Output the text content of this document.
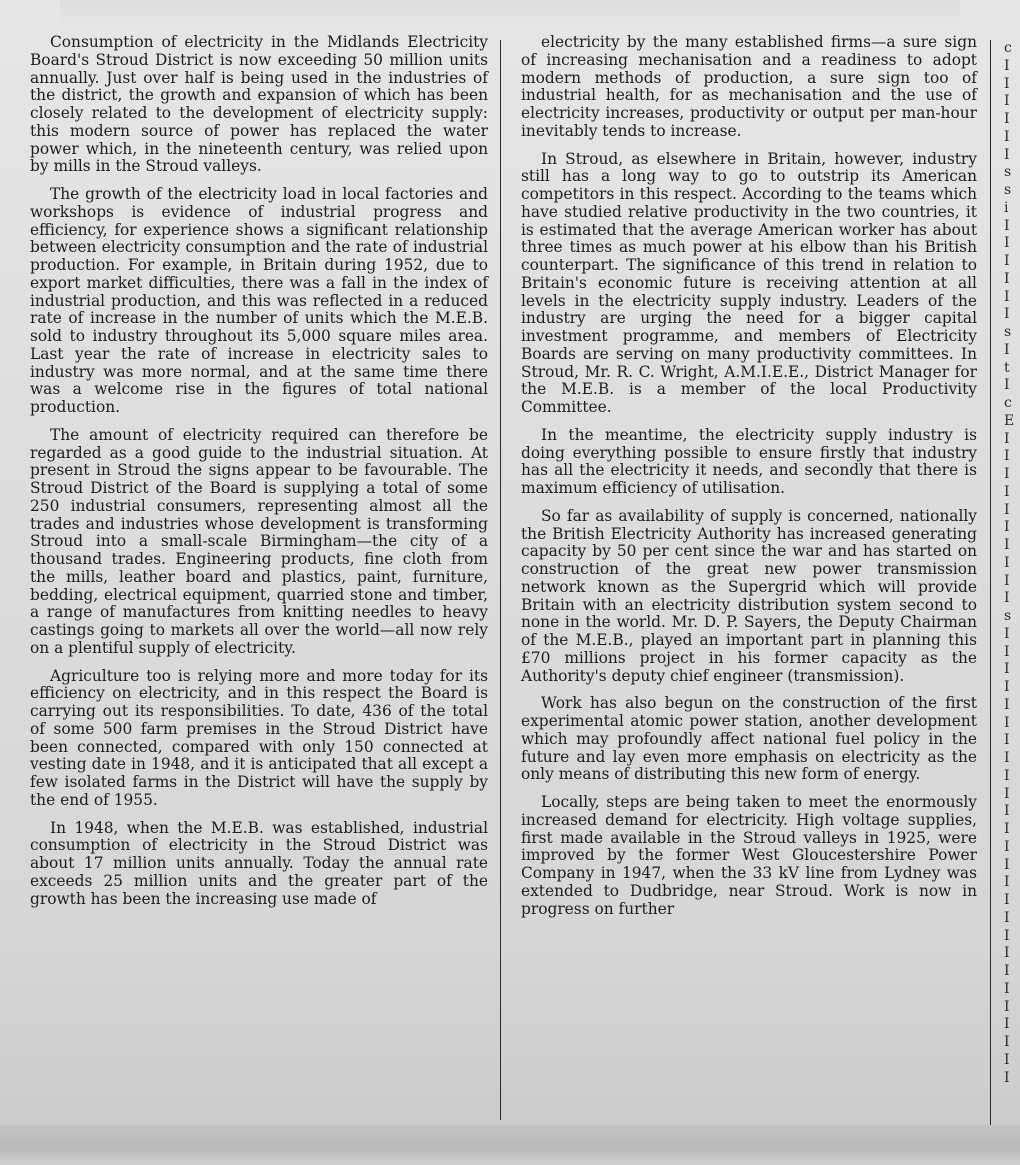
Consumption of electricity in the Midlands Electricity Board's Stroud District is now exceeding 50 million units annually. Just over half is being used in the industries of the district, the growth and expansion of which has been closely related to the development of electricity supply: this modern source of power has replaced the water power which, in the nineteenth century, was relied upon by mills in the Stroud valleys.

The growth of the electricity load in local factories and workshops is evidence of industrial progress and efficiency, for experience shows a significant relationship between electricity consumption and the rate of industrial production. For example, in Britain during 1952, due to export market difficulties, there was a fall in the index of industrial production, and this was reflected in a reduced rate of increase in the number of units which the M.E.B. sold to industry throughout its 5,000 square miles area. Last year the rate of increase in electricity sales to industry was more normal, and at the same time there was a welcome rise in the figures of total national production.

The amount of electricity required can therefore be regarded as a good guide to the industrial situation. At present in Stroud the signs appear to be favourable. The Stroud District of the Board is supplying a total of some 250 industrial consumers, representing almost all the trades and industries whose development is transforming Stroud into a small-scale Birmingham—the city of a thousand trades. Engineering products, fine cloth from the mills, leather board and plastics, paint, furniture, bedding, electrical equipment, quarried stone and timber, a range of manufactures from knitting needles to heavy castings going to markets all over the world—all now rely on a plentiful supply of electricity.

Agriculture too is relying more and more today for its efficiency on electricity, and in this respect the Board is carrying out its responsibilities. To date, 436 of the total of some 500 farm premises in the Stroud District have been connected, compared with only 150 connected at vesting date in 1948, and it is anticipated that all except a few isolated farms in the District will have the supply by the end of 1955.

In 1948, when the M.E.B. was established, industrial consumption of electricity in the Stroud District was about 17 million units annually. Today the annual rate exceeds 25 million units and the greater part of the growth has been the increasing use made of

electricity by the many established firms—a sure sign of increasing mechanisation and a readiness to adopt modern methods of production, a sure sign too of industrial health, for as mechanisation and the use of electricity increases, productivity or output per man-hour inevitably tends to increase.

In Stroud, as elsewhere in Britain, however, industry still has a long way to go to outstrip its American competitors in this respect. According to the teams which have studied relative productivity in the two countries, it is estimated that the average American worker has about three times as much power at his elbow than his British counterpart. The significance of this trend in relation to Britain's economic future is receiving attention at all levels in the electricity supply industry. Leaders of the industry are urging the need for a bigger capital investment programme, and members of Electricity Boards are serving on many productivity committees. In Stroud, Mr. R. C. Wright, A.M.I.E.E., District Manager for the M.E.B. is a member of the local Productivity Committee.

In the meantime, the electricity supply industry is doing everything possible to ensure firstly that industry has all the electricity it needs, and secondly that there is maximum efficiency of utilisation.

So far as availability of supply is concerned, nationally the British Electricity Authority has increased generating capacity by 50 per cent since the war and has started on construction of the great new power transmission network known as the Supergrid which will provide Britain with an electricity distribution system second to none in the world. Mr. D. P. Sayers, the Deputy Chairman of the M.E.B., played an important part in planning this £70 millions project in his former capacity as the Authority's deputy chief engineer (transmission).

Work has also begun on the construction of the first experimental atomic power station, another development which may profoundly affect national fuel policy in the future and lay even more emphasis on electricity as the only means of distributing this new form of energy.

Locally, steps are being taken to meet the enormously increased demand for electricity. High voltage supplies, first made available in the Stroud valleys in 1925, were improved by the former West Gloucestershire Power Company in 1947, when the 33 kV line from Lydney was extended to Dudbridge, near Stroud. Work is now in progress on further

c
I
I
I
I
I
I
s
s
i
I
I
I
I
I
I
s
I
t
I
c
E
I
I
I
I
I
I
I
I
I
I
s
I
I
I
I
I
I
I
I
I
I
I
I
I
I
I
I
I
I
I
I
I
I
I
I
I
I
